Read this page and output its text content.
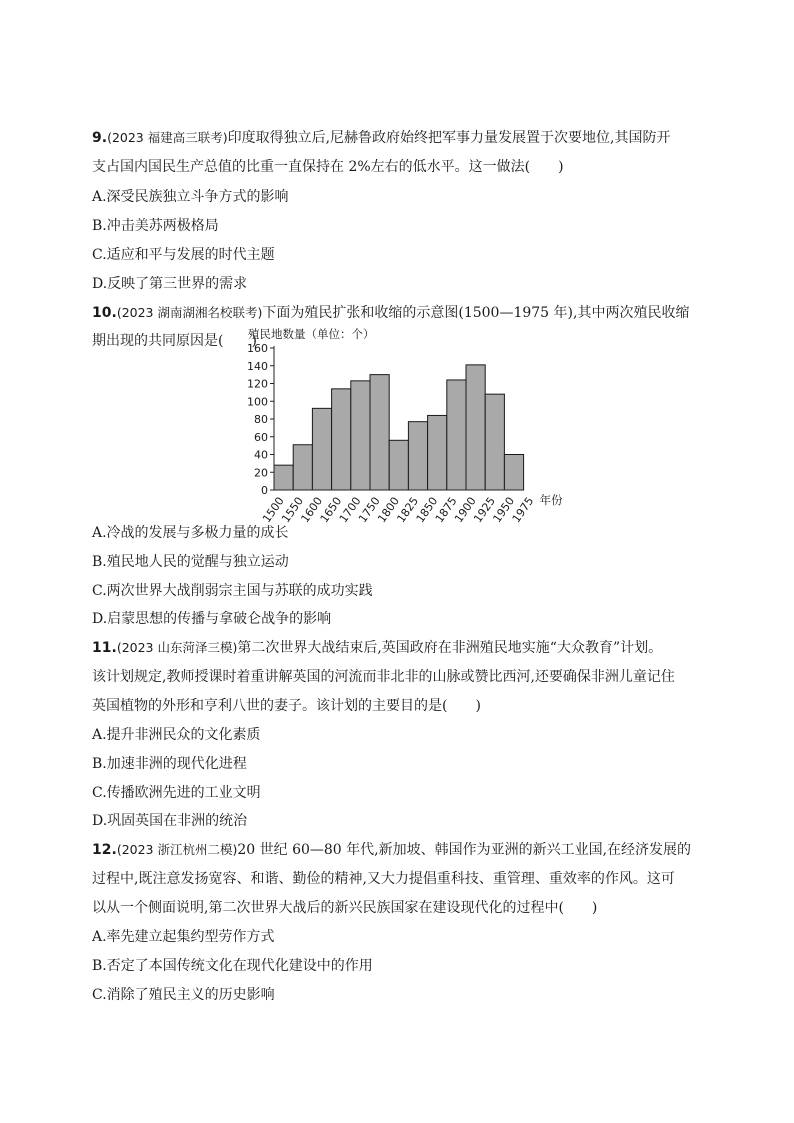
9.(2023 福建高三联考)印度取得独立后,尼赫鲁政府始终把军事力量发展置于次要地位,其国防开
支占国内国民生产总值的比重一直保持在 2%左右的低水平。这一做法(　　)
A.深受民族独立斗争方式的影响
B.冲击美苏两极格局
C.适应和平与发展的时代主题
D.反映了第三世界的需求
10.(2023 湖南湖湘名校联考)下面为殖民扩张和收缩的示意图(1500—1975 年),其中两次殖民收缩
期出现的共同原因是(　　)
殖民地数量（单位：个）
0
20
40
60
80
100
120
140
160
1500
1550
1600
1650
1700
1750
1800
1825
1850
1875
1900
1925
1950
1975 年份
A.冷战的发展与多极力量的成长
B.殖民地人民的觉醒与独立运动
C.两次世界大战削弱宗主国与苏联的成功实践
D.启蒙思想的传播与拿破仑战争的影响
11.(2023 山东菏泽三模)第二次世界大战结束后,英国政府在非洲殖民地实施“大众教育”计划。
该计划规定,教师授课时着重讲解英国的河流而非北非的山脉或赞比西河,还要确保非洲儿童记住
英国植物的外形和亨利八世的妻子。该计划的主要目的是(　　)
A.提升非洲民众的文化素质
B.加速非洲的现代化进程
C.传播欧洲先进的工业文明
D.巩固英国在非洲的统治
12.(2023 浙江杭州二模)20 世纪 60—80 年代,新加坡、韩国作为亚洲的新兴工业国,在经济发展的
过程中,既注意发扬宽容、和谐、勤俭的精神,又大力提倡重科技、重管理、重效率的作风。这可
以从一个侧面说明,第二次世界大战后的新兴民族国家在建设现代化的过程中(　　)
A.率先建立起集约型劳作方式
B.否定了本国传统文化在现代化建设中的作用
C.消除了殖民主义的历史影响
